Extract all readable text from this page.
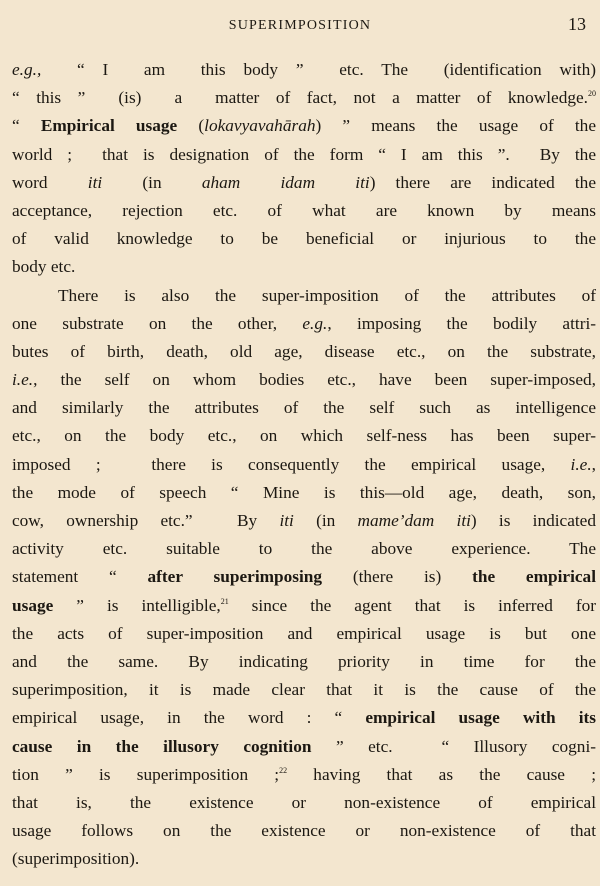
SUPERIMPOSITION	13
e.g.,  “ I  am  this body ”  etc. The  (identification with)
“ this ”  (is)  a  matter of fact, not a matter of knowledge.$^{20}$
“ Empirical usage (lokavyavahārah) ” means the usage of the
world ;  that is designation of the form “ I am this ”.  By the
word  iti  (in  aham idam iti) there are indicated the
acceptance, rejection etc. of what are known by means
of valid knowledge to be beneficial or injurious to the
body etc.
There is also the super-imposition of the attributes of
one substrate on the other, e.g., imposing the bodily attri-
butes of birth, death, old age, disease etc., on the substrate,
i.e., the self on whom bodies etc., have been super-imposed,
and similarly the attributes of the self such as intelligence
etc., on the body etc., on which self-ness has been super-
imposed ;  there is consequently the empirical usage, i.e.,
the mode of speech “ Mine is this—old age, death, son,
cow, ownership etc.”  By iti (in mame’dam iti) is indicated
activity etc. suitable to the above experience. The
statement “ after superimposing (there is) the empirical
usage ” is intelligible,$^{21}$ since the agent that is inferred for
the acts of super-imposition and empirical usage is but one
and the same. By indicating priority in time for the
superimposition, it is made clear that it is the cause of the
empirical usage, in the word : “ empirical usage with its
cause in the illusory cognition ” etc.  “ Illusory cogni-
tion ” is superimposition ;$^{22}$ having that as the cause ;
that is, the existence or non-existence of empirical
usage follows on the existence or non-existence of that
(superimposition).
